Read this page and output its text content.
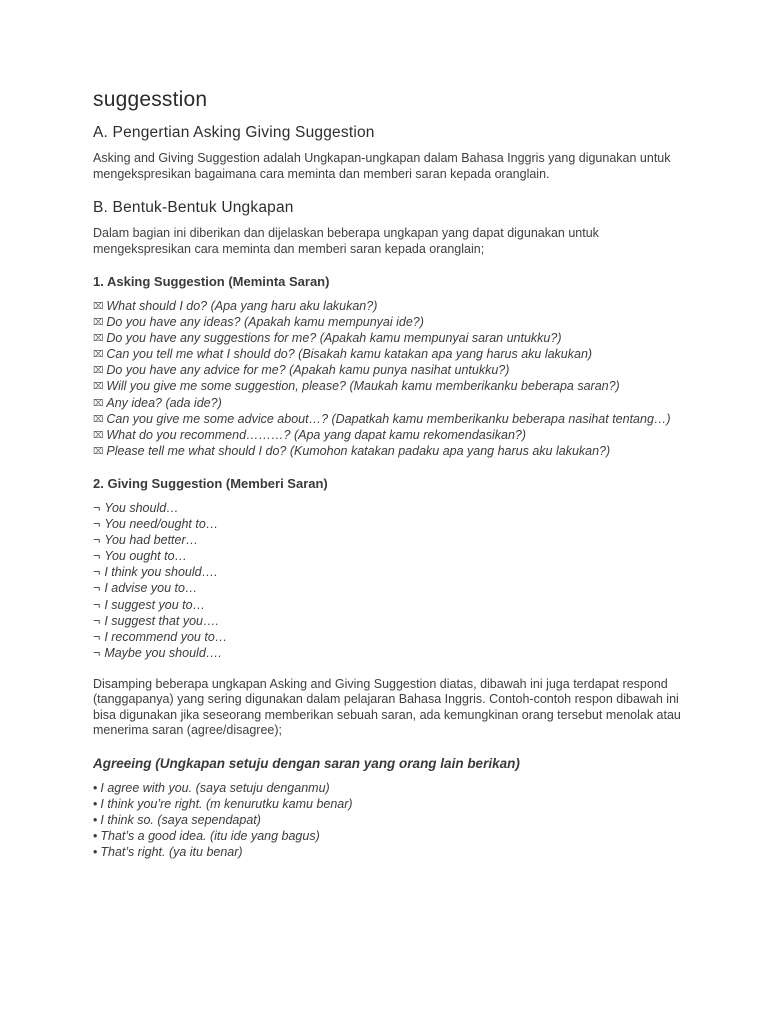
suggesstion
A. Pengertian Asking Giving Suggestion

Asking and Giving Suggestion adalah Ungkapan-ungkapan dalam Bahasa Inggris yang digunakan untuk mengekspresikan bagaimana cara meminta dan memberi saran kepada oranglain.

B. Bentuk-Bentuk Ungkapan

Dalam bagian ini diberikan dan dijelaskan beberapa ungkapan yang dapat digunakan untuk mengekspresikan cara meminta dan memberi saran kepada oranglain;

1. Asking Suggestion (Meminta Saran)
⌧ What should I do? (Apa yang haru aku lakukan?)
⌧ Do you have any ideas? (Apakah kamu mempunyai ide?)
⌧ Do you have any suggestions for me? (Apakah kamu mempunyai saran untukku?)
⌧ Can you tell me what I should do? (Bisakah kamu katakan apa yang harus aku lakukan)
⌧ Do you have any advice for me? (Apakah kamu punya nasihat untukku?)
⌧ Will you give me some suggestion, please? (Maukah kamu memberikanku beberapa saran?)
⌧ Any idea? (ada ide?)
⌧ Can you give me some advice about…? (Dapatkah kamu memberikanku beberapa nasihat tentang…)
⌧ What do you recommend………? (Apa yang dapat kamu rekomendasikan?)
⌧ Please tell me what should I do? (Kumohon katakan padaku apa yang harus aku lakukan?)
2. Giving Suggestion (Memberi Saran)
¬ You should…
¬ You need/ought to…
¬ You had better…
¬ You ought to…
¬ I think you should….
¬ I advise you to…
¬ I suggest you to…
¬ I suggest that you….
¬ I recommend you to…
¬ Maybe you should….

Disamping beberapa ungkapan Asking and Giving Suggestion diatas, dibawah ini juga terdapat respond (tanggapanya) yang sering digunakan dalam pelajaran Bahasa Inggris. Contoh-contoh respon dibawah ini bisa digunakan jika seseorang memberikan sebuah saran, ada kemungkinan orang tersebut menolak atau menerima saran (agree/disagree);

Agreeing (Ungkapan setuju dengan saran yang orang lain berikan)
• I agree with you. (saya setuju denganmu)
• I think you’re right. (m kenurutku kamu benar)
• I think so. (saya sependapat)
• That’s a good idea. (itu ide yang bagus)
• That’s right. (ya itu benar)
